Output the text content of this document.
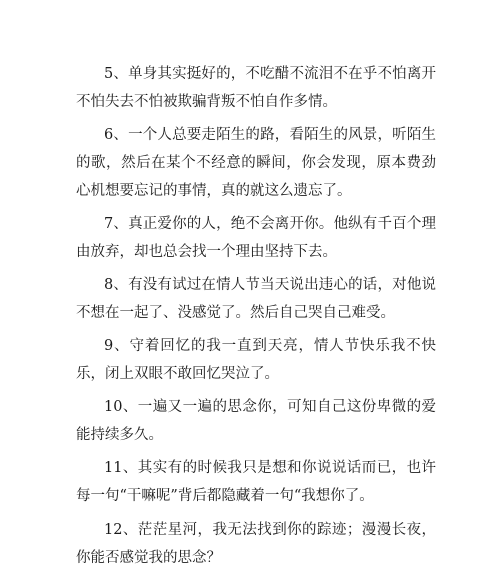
5、单身其实挺好的，不吃醋不流泪不在乎不怕离开不怕失去不怕被欺骗背叛不怕自作多情。

6、一个人总要走陌生的路，看陌生的风景，听陌生的歌，然后在某个不经意的瞬间，你会发现，原本费劲心机想要忘记的事情，真的就这么遗忘了。

7、真正爱你的人，绝不会离开你。他纵有千百个理由放弃，却也总会找一个理由坚持下去。

8、有没有试过在情人节当天说出违心的话，对他说不想在一起了、没感觉了。然后自己哭自己难受。

9、守着回忆的我一直到天亮，情人节快乐我不快乐，闭上双眼不敢回忆哭泣了。

10、一遍又一遍的思念你，可知自己这份卑微的爱能持续多久。

11、其实有的时候我只是想和你说说话而已，也许每一句“干嘛呢”背后都隐藏着一句“我想你了。

12、茫茫星河，我无法找到你的踪迹；漫漫长夜，你能否感觉我的思念？
